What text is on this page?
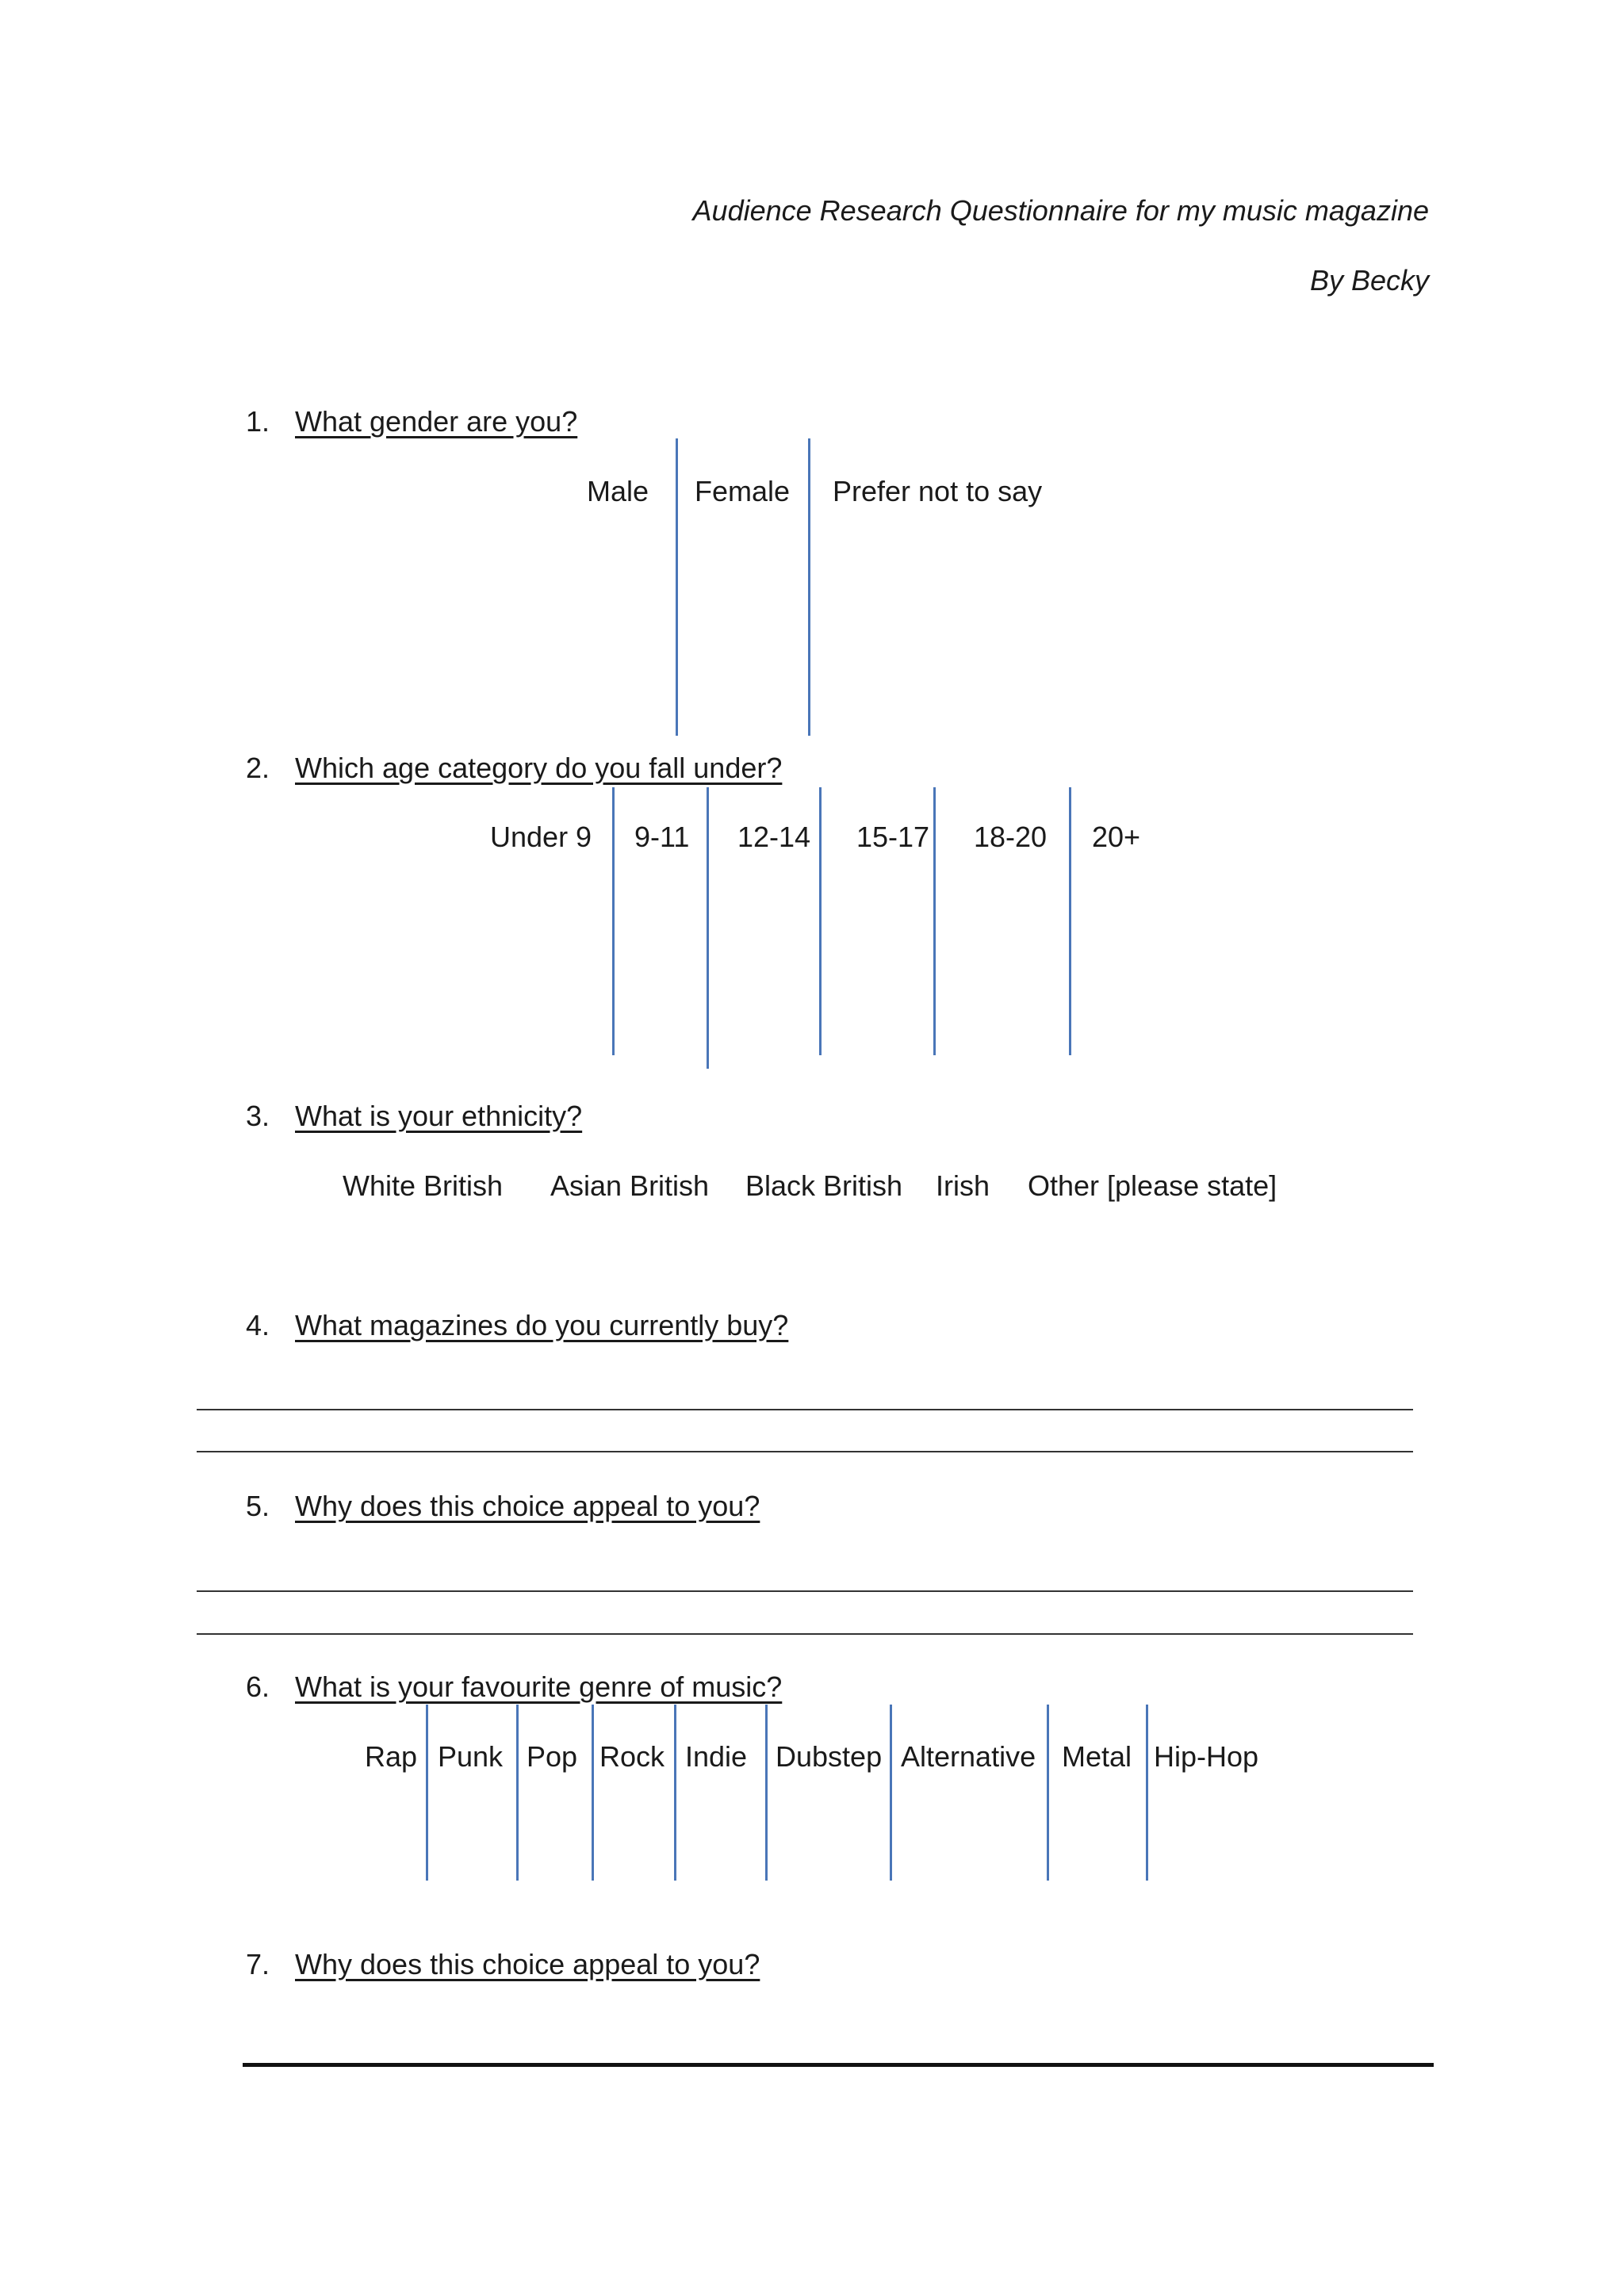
Audience Research Questionnaire for my music magazine
By Becky
1. What gender are you?
Male Female Prefer not to say
2. Which age category do you fall under?
Under 9 9-11 12-14 15-17 18-20 20+
3. What is your ethnicity?
White British Asian British Black British Irish Other [please state]
4. What magazines do you currently buy?
5. Why does this choice appeal to you?
6. What is your favourite genre of music?
Rap Punk Pop Rock Indie Dubstep Alternative Metal Hip-Hop
7. Why does this choice appeal to you?
